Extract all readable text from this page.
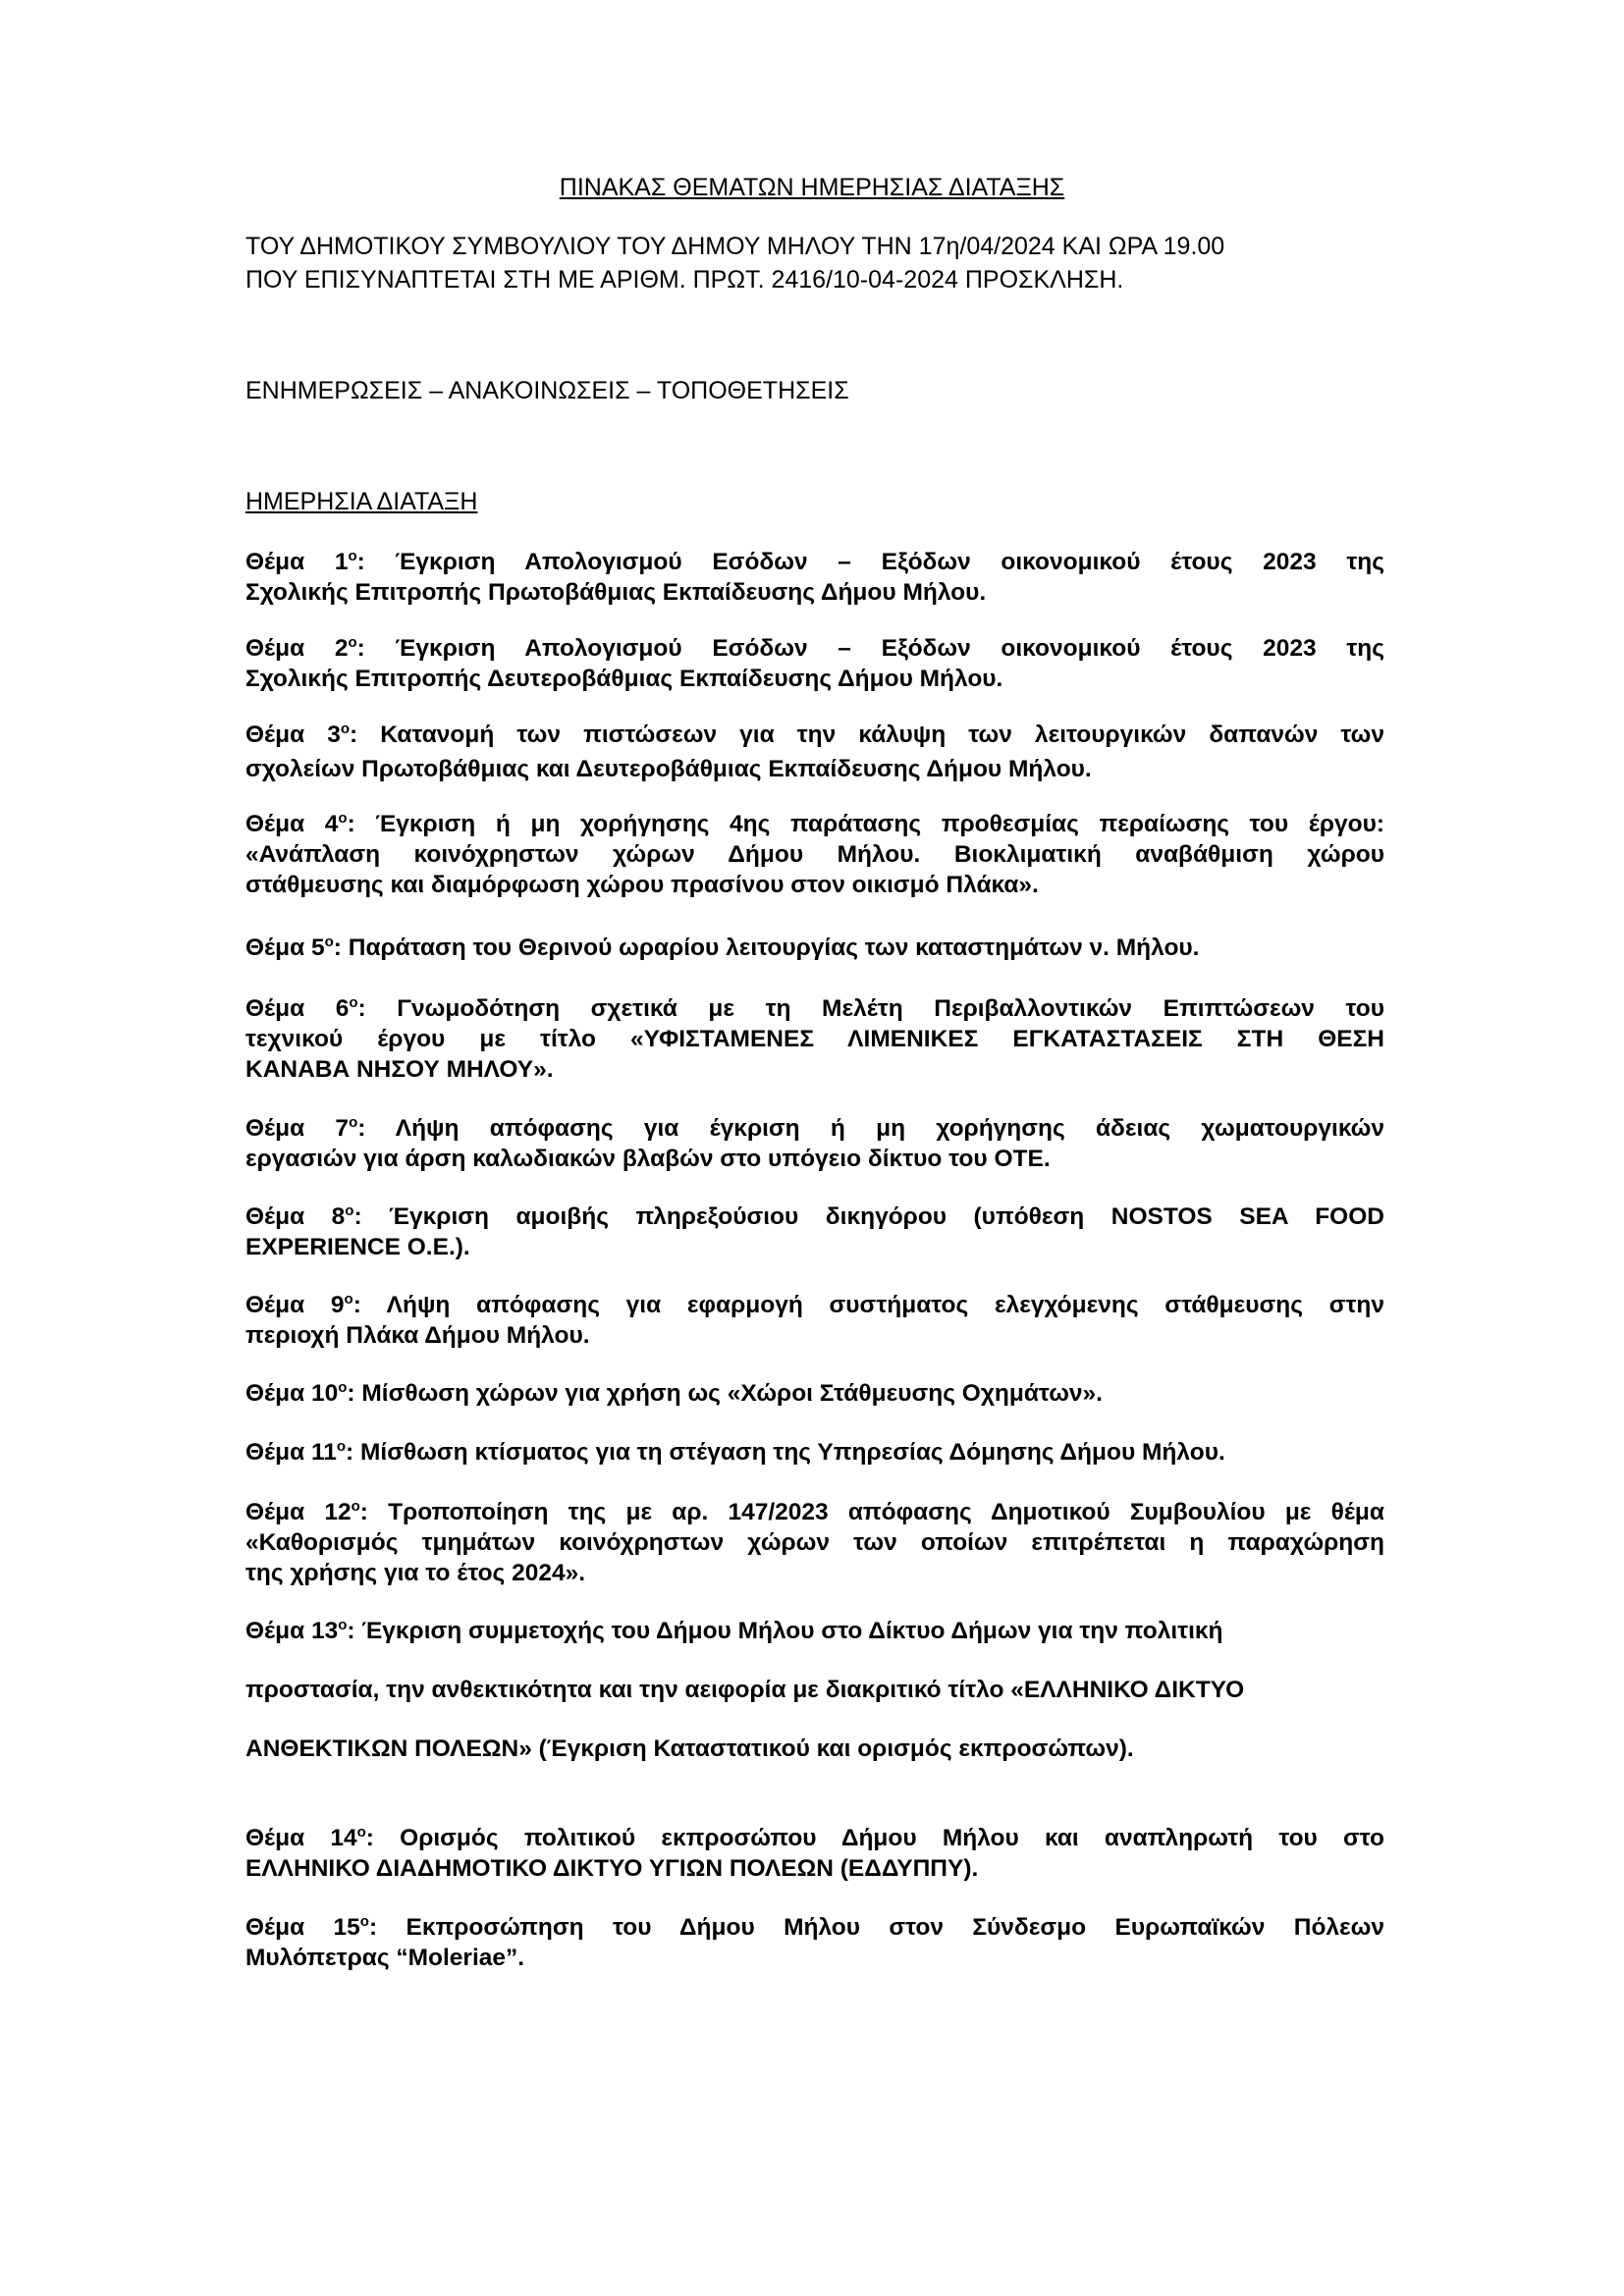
ΠΙΝΑΚΑΣ ΘΕΜΑΤΩΝ ΗΜΕΡΗΣΙΑΣ ΔΙΑΤΑΞΗΣ
ΤΟΥ ΔΗΜΟΤΙΚΟΥ ΣΥΜΒΟΥΛΙΟΥ ΤΟΥ ΔΗΜΟΥ ΜΗΛΟΥ ΤΗΝ 17η/04/2024 ΚΑΙ ΩΡΑ 19.00
ΠΟΥ ΕΠΙΣΥΝΑΠΤΕΤΑΙ ΣΤΗ ΜΕ ΑΡΙΘΜ. ΠΡΩΤ. 2416/10-04-2024 ΠΡΟΣΚΛΗΣΗ.
ΕΝΗΜΕΡΩΣΕΙΣ – ΑΝΑΚΟΙΝΩΣΕΙΣ – ΤΟΠΟΘΕΤΗΣΕΙΣ
ΗΜΕΡΗΣΙΑ ΔΙΑΤΑΞΗ
Θέμα $1^o$: Έγκριση Απολογισμού Εσόδων – Εξόδων οικονομικού έτους 2023 της
Σχολικής Επιτροπής Πρωτοβάθμιας Εκπαίδευσης Δήμου Μήλου.
Θέμα $2^o$: Έγκριση Απολογισμού Εσόδων – Εξόδων οικονομικού έτους 2023 της
Σχολικής Επιτροπής Δευτεροβάθμιας Εκπαίδευσης Δήμου Μήλου.
Θέμα $3^o$: Κατανομή των πιστώσεων για την κάλυψη των λειτουργικών δαπανών των
σχολείων Πρωτοβάθμιας και Δευτεροβάθμιας Εκπαίδευσης Δήμου Μήλου.
Θέμα $4^o$: Έγκριση ή μη χορήγησης 4ης παράτασης προθεσμίας περαίωσης του έργου:
«Ανάπλαση κοινόχρηστων χώρων Δήμου Μήλου. Βιοκλιματική αναβάθμιση χώρου
στάθμευσης και διαμόρφωση χώρου πρασίνου στον οικισμό Πλάκα».
Θέμα $5^o$: Παράταση του Θερινού ωραρίου λειτουργίας των καταστημάτων ν. Μήλου.
Θέμα $6^o$: Γνωμοδότηση σχετικά με τη Μελέτη Περιβαλλοντικών Επιπτώσεων του
τεχνικού έργου με τίτλο «ΥΦΙΣΤΑΜΕΝΕΣ ΛΙΜΕΝΙΚΕΣ ΕΓΚΑΤΑΣΤΑΣΕΙΣ ΣΤΗ ΘΕΣΗ
ΚΑΝΑΒΑ ΝΗΣΟΥ ΜΗΛΟΥ».
Θέμα $7^o$: Λήψη απόφασης για έγκριση ή μη χορήγησης άδειας χωματουργικών
εργασιών για άρση καλωδιακών βλαβών στο υπόγειο δίκτυο του ΟΤΕ.
Θέμα $8^o$: Έγκριση αμοιβής πληρεξούσιου δικηγόρου (υπόθεση NOSTOS SEA FOOD
EXPERIENCE O.E.).
Θέμα $9^o$: Λήψη απόφασης για εφαρμογή συστήματος ελεγχόμενης στάθμευσης στην
περιοχή Πλάκα Δήμου Μήλου.
Θέμα $10^o$: Μίσθωση χώρων για χρήση ως «Χώροι Στάθμευσης Οχημάτων».
Θέμα $11^o$: Μίσθωση κτίσματος για τη στέγαση της Υπηρεσίας Δόμησης Δήμου Μήλου.
Θέμα $12^o$: Τροποποίηση της με αρ. 147/2023 απόφασης Δημοτικού Συμβουλίου με θέμα
«Καθορισμός τμημάτων κοινόχρηστων χώρων των οποίων επιτρέπεται η παραχώρηση
της χρήσης για το έτος 2024».
Θέμα $13^o$: Έγκριση συμμετοχής του Δήμου Μήλου στο Δίκτυο Δήμων για την πολιτική
προστασία, την ανθεκτικότητα και την αειφορία με διακριτικό τίτλο «ΕΛΛΗΝΙΚΟ ΔΙΚΤΥΟ
ΑΝΘΕΚΤΙΚΩΝ ΠΟΛΕΩΝ» (Έγκριση Καταστατικού και ορισμός εκπροσώπων).
Θέμα $14^o$: Ορισμός πολιτικού εκπροσώπου Δήμου Μήλου και αναπληρωτή του στο
ΕΛΛΗΝΙΚΟ ΔΙΑΔΗΜΟΤΙΚΟ ΔΙΚΤΥΟ ΥΓΙΩΝ ΠΟΛΕΩΝ (ΕΔΔΥΠΠΥ).
Θέμα $15^o$: Εκπροσώπηση του Δήμου Μήλου στον Σύνδεσμο Ευρωπαϊκών Πόλεων
Μυλόπετρας “Moleriae”.
